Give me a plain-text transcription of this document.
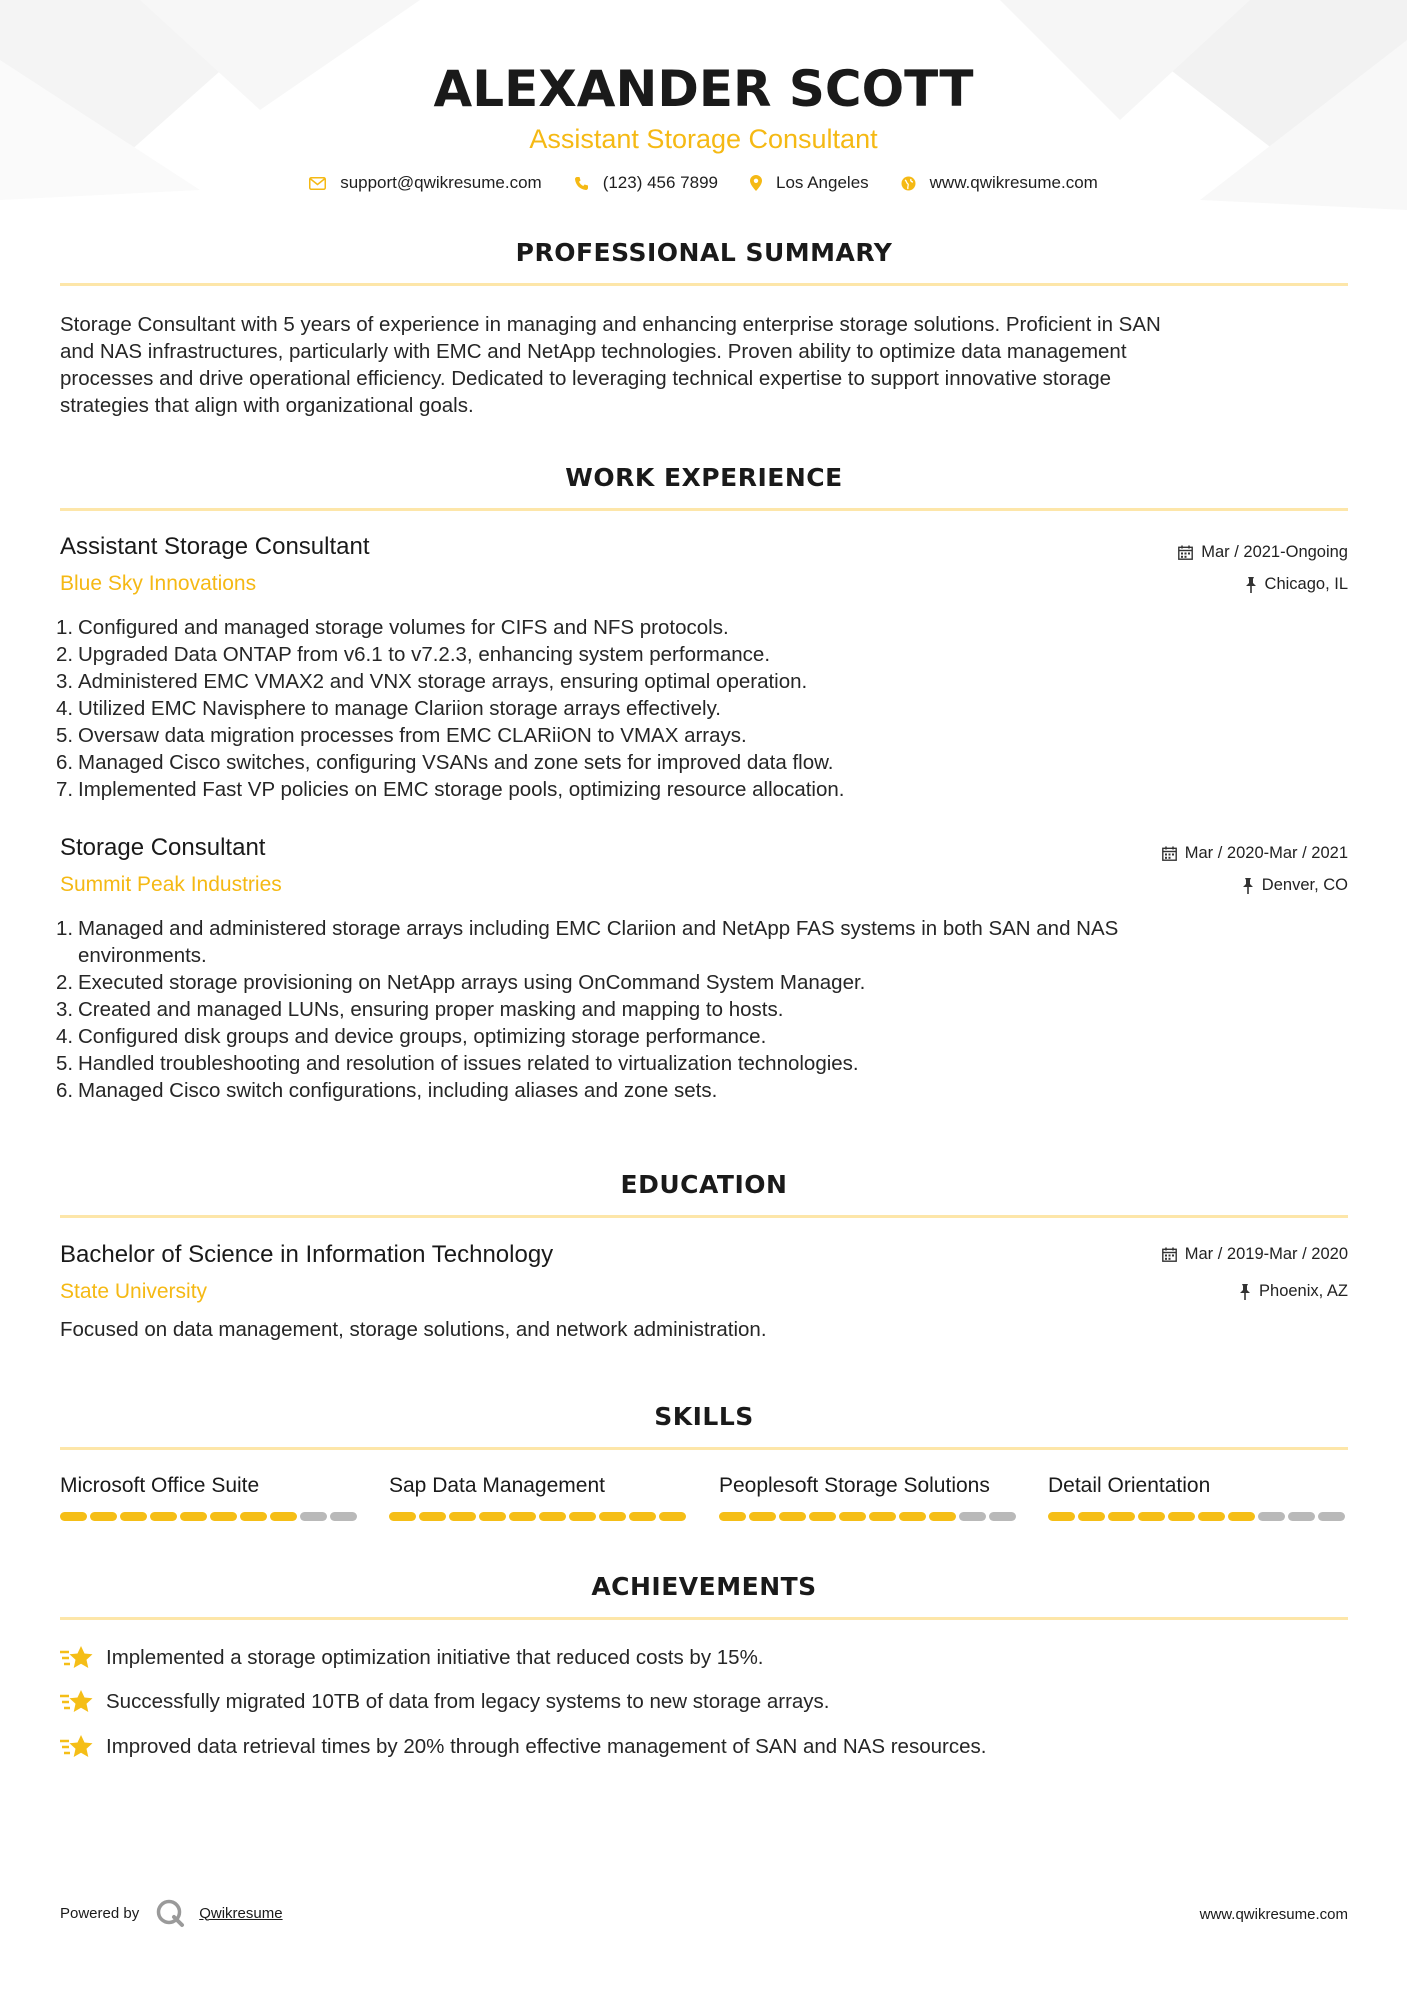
ALEXANDER SCOTT
Assistant Storage Consultant
support@qwikresume.com	(123) 456 7899	Los Angeles	www.qwikresume.com
PROFESSIONAL SUMMARY
Storage Consultant with 5 years of experience in managing and enhancing enterprise storage solutions. Proficient in SAN
and NAS infrastructures, particularly with EMC and NetApp technologies. Proven ability to optimize data management
processes and drive operational efficiency. Dedicated to leveraging technical expertise to support innovative storage
strategies that align with organizational goals.
WORK EXPERIENCE
Assistant Storage Consultant
Blue Sky Innovations
Mar / 2021-Ongoing
Chicago, IL
1. Configured and managed storage volumes for CIFS and NFS protocols.
2. Upgraded Data ONTAP from v6.1 to v7.2.3, enhancing system performance.
3. Administered EMC VMAX2 and VNX storage arrays, ensuring optimal operation.
4. Utilized EMC Navisphere to manage Clariion storage arrays effectively.
5. Oversaw data migration processes from EMC CLARiiON to VMAX arrays.
6. Managed Cisco switches, configuring VSANs and zone sets for improved data flow.
7. Implemented Fast VP policies on EMC storage pools, optimizing resource allocation.
Storage Consultant
Summit Peak Industries
Mar / 2020-Mar / 2021
Denver, CO
1. Managed and administered storage arrays including EMC Clariion and NetApp FAS systems in both SAN and NAS
environments.
2. Executed storage provisioning on NetApp arrays using OnCommand System Manager.
3. Created and managed LUNs, ensuring proper masking and mapping to hosts.
4. Configured disk groups and device groups, optimizing storage performance.
5. Handled troubleshooting and resolution of issues related to virtualization technologies.
6. Managed Cisco switch configurations, including aliases and zone sets.
EDUCATION
Bachelor of Science in Information Technology
State University
Mar / 2019-Mar / 2020
Phoenix, AZ
Focused on data management, storage solutions, and network administration.
SKILLS
Microsoft Office Suite	Sap Data Management	Peoplesoft Storage Solutions	Detail Orientation
ACHIEVEMENTS
Implemented a storage optimization initiative that reduced costs by 15%.
Successfully migrated 10TB of data from legacy systems to new storage arrays.
Improved data retrieval times by 20% through effective management of SAN and NAS resources.
Powered by	Qwikresume	www.qwikresume.com
